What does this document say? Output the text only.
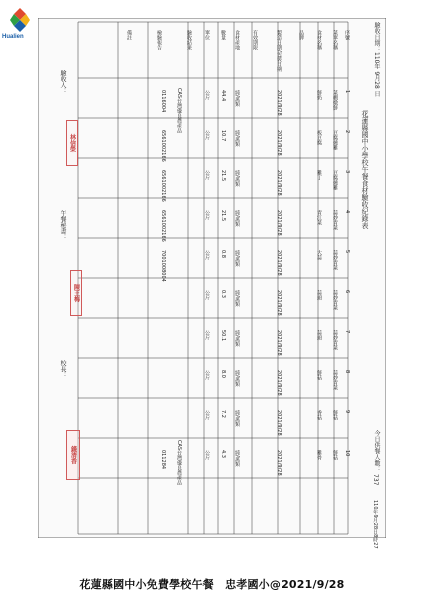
Hualien
花蓮縣國中小學校午餐食材驗收紀錄表
驗收日期：110年 9月28 日
今日供餐人數：
737
110年9月28日8時27
驗收人：
午餐秘書：
校長：
林信榮
陳王梅
錢清香
序號
菜單名稱
食材名稱
品牌
製造日期/包裝日期
有效期限
食材產地
數量
單位
驗收結果
檢驗報告
備註
1
菜棚燉鮮
鮮奶
2021/9/28
純/禽類
44.4
公斤
2
豆腐燒雞
板豆腐
2021/9/28
純/禽類
10.7
公斤
3
豆腐燒雞
雞丁
2021/9/28
純/禽類
21.5
公斤
4
蒜炒青菜
青江菜
2021/9/28
純/禽類
21.5
公斤
5
蒜炒青菜
大蒜
2021/9/28
純/禽類
0.8
公斤
6
蒜炒青菜
蒜頭
2021/9/28
純/禽類
0.3
公斤
7
蒜炒青菜
蒜頭
2021/9/28
純/禽類
50.1
公斤
8
蒜炒青菜
鮮菇
2021/9/28
純/禽類
8.0
公斤
9
鮮菇
香菇
2021/9/28
純/禽類
7.2
公斤
10
鮮菇
雞骨
2021/9/28
純/禽類
4.3
公斤
0116004
6561002166
6561002166
6561002166
7001008004
011284
CAS台灣優良農產品
CAS台灣優良農產品
花蓮縣國中小免費學校午餐　忠孝國小@2021/9/28
